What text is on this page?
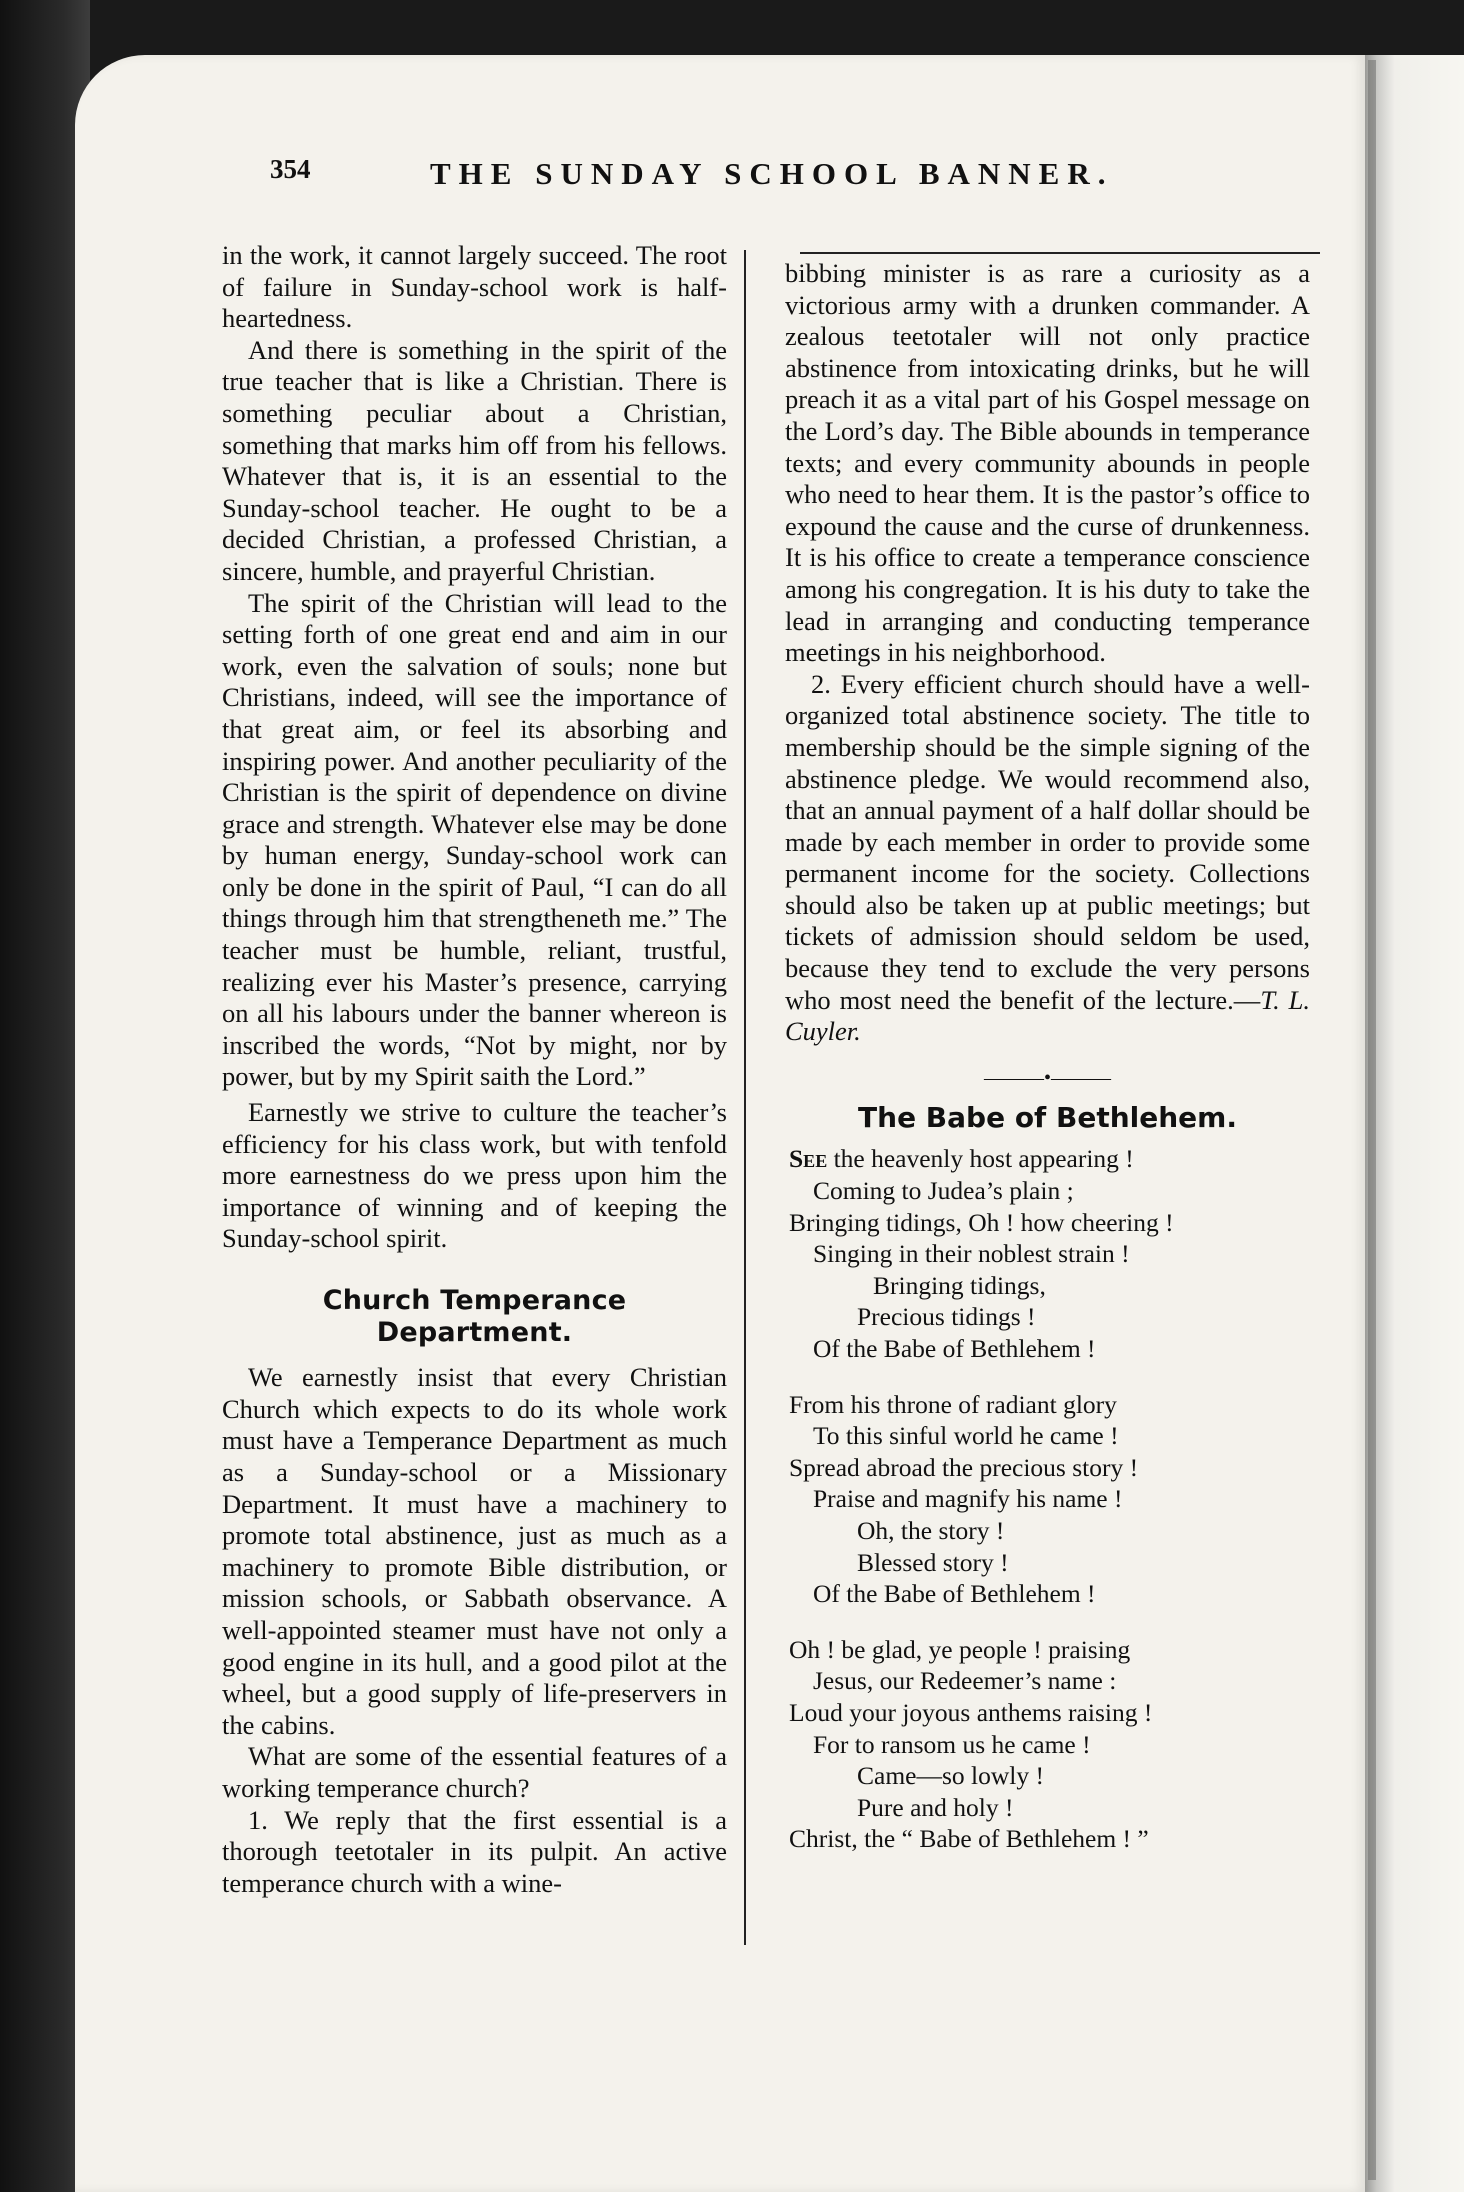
354	THE SUNDAY SCHOOL BANNER.

in the work, it cannot largely succeed. The root of failure in Sunday-school work is half-heartedness.

And there is something in the spirit of the true teacher that is like a Christian. There is something peculiar about a Christian, something that marks him off from his fellows. Whatever that is, it is an essential to the Sunday-school teacher. He ought to be a decided Christian, a professed Christian, a sincere, humble, and prayerful Christian.

The spirit of the Christian will lead to the setting forth of one great end and aim in our work, even the salvation of souls; none but Christians, indeed, will see the importance of that great aim, or feel its absorbing and inspiring power. And another peculiarity of the Christian is the spirit of dependence on divine grace and strength. Whatever else may be done by human energy, Sunday-school work can only be done in the spirit of Paul, “I can do all things through him that strengtheneth me.” The teacher must be humble, reliant, trustful, realizing ever his Master’s presence, carrying on all his labours under the banner whereon is inscribed the words, “Not by might, nor by power, but by my Spirit saith the Lord.”

Earnestly we strive to culture the teacher’s efficiency for his class work, but with tenfold more earnestness do we press upon him the importance of winning and of keeping the Sunday-school spirit.

Church Temperance Department.

We earnestly insist that every Christian Church which expects to do its whole work must have a Temperance Department as much as a Sunday-school or a Missionary Department. It must have a machinery to promote total abstinence, just as much as a machinery to promote Bible distribution, or mission schools, or Sabbath observance. A well-appointed steamer must have not only a good engine in its hull, and a good pilot at the wheel, but a good supply of life-preservers in the cabins.

What are some of the essential features of a working temperance church?

1. We reply that the first essential is a thorough teetotaler in its pulpit. An active temperance church with a wine-

bibbing minister is as rare a curiosity as a victorious army with a drunken commander. A zealous teetotaler will not only practice abstinence from intoxicating drinks, but he will preach it as a vital part of his Gospel message on the Lord’s day. The Bible abounds in temperance texts; and every community abounds in people who need to hear them. It is the pastor’s office to expound the cause and the curse of drunkenness. It is his office to create a temperance conscience among his congregation. It is his duty to take the lead in arranging and conducting temperance meetings in his neighborhood.

2. Every efficient church should have a well-organized total abstinence society. The title to membership should be the simple signing of the abstinence pledge. We would recommend also, that an annual payment of a half dollar should be made by each member in order to provide some permanent income for the society. Collections should also be taken up at public meetings; but tickets of admission should seldom be used, because they tend to exclude the very persons who most need the benefit of the lecture.—T. L. Cuyler.

———•———
The Babe of Bethlehem.
See the heavenly host appearing !
Coming to Judea’s plain ;
Bringing tidings, Oh ! how cheering !
Singing in their noblest strain !
Bringing tidings,
Precious tidings !
Of the Babe of Bethlehem !
From his throne of radiant glory
To this sinful world he came !
Spread abroad the precious story !
Praise and magnify his name !
Oh, the story !
Blessed story !
Of the Babe of Bethlehem !
Oh ! be glad, ye people ! praising
Jesus, our Redeemer’s name :
Loud your joyous anthems raising !
For to ransom us he came !
Came—so lowly !
Pure and holy !
Christ, the “ Babe of Bethlehem ! ”
